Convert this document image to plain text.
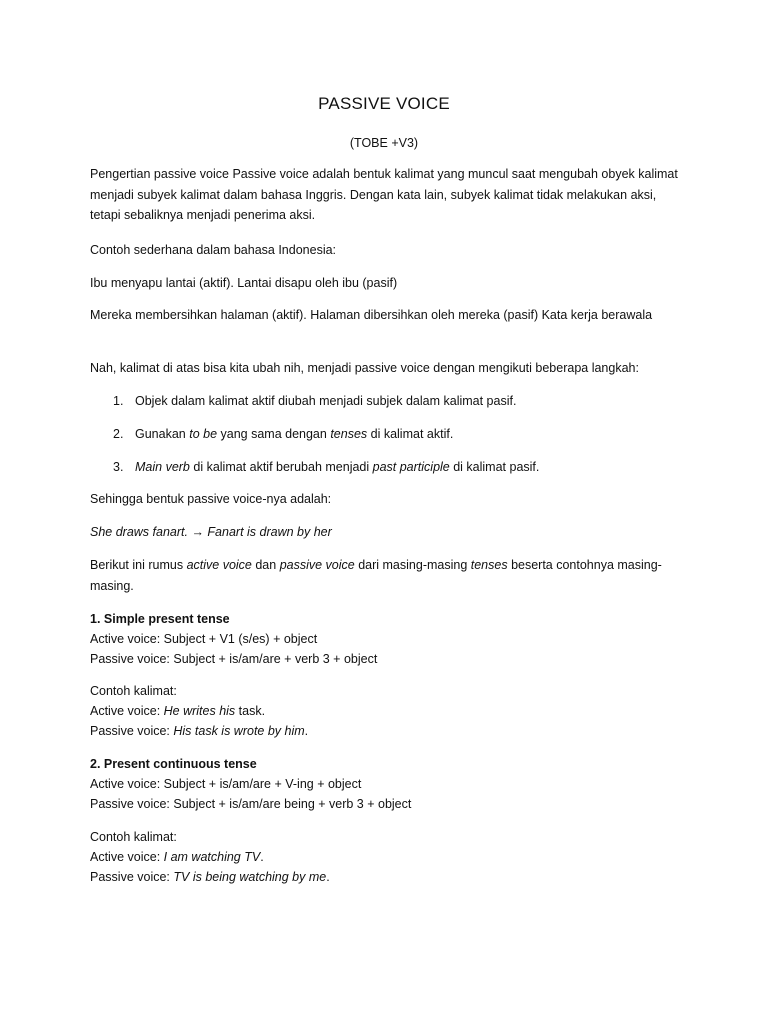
PASSIVE VOICE
(TOBE +V3)
Pengertian passive voice Passive voice adalah bentuk kalimat yang muncul saat mengubah obyek kalimat menjadi subyek kalimat dalam bahasa Inggris. Dengan kata lain, subyek kalimat tidak melakukan aksi, tetapi sebaliknya menjadi penerima aksi.
Contoh sederhana dalam bahasa Indonesia:
Ibu menyapu lantai (aktif). Lantai disapu oleh ibu (pasif)
Mereka membersihkan halaman (aktif). Halaman dibersihkan oleh mereka (pasif) Kata kerja berawala
Nah, kalimat di atas bisa kita ubah nih, menjadi passive voice dengan mengikuti beberapa langkah:
1. Objek dalam kalimat aktif diubah menjadi subjek dalam kalimat pasif.
2. Gunakan to be yang sama dengan tenses di kalimat aktif.
3. Main verb di kalimat aktif berubah menjadi past participle di kalimat pasif.
Sehingga bentuk passive voice-nya adalah:
She draws fanart. → Fanart is drawn by her
Berikut ini rumus active voice dan passive voice dari masing-masing tenses beserta contohnya masing-masing.
1. Simple present tense
Active voice: Subject + V1 (s/es) + object
Passive voice: Subject + is/am/are + verb 3 + object
Contoh kalimat:
Active voice: He writes his task.
Passive voice: His task is wrote by him.
2. Present continuous tense
Active voice: Subject + is/am/are + V-ing + object
Passive voice: Subject + is/am/are being + verb 3 + object
Contoh kalimat:
Active voice: I am watching TV.
Passive voice: TV is being watching by me.
